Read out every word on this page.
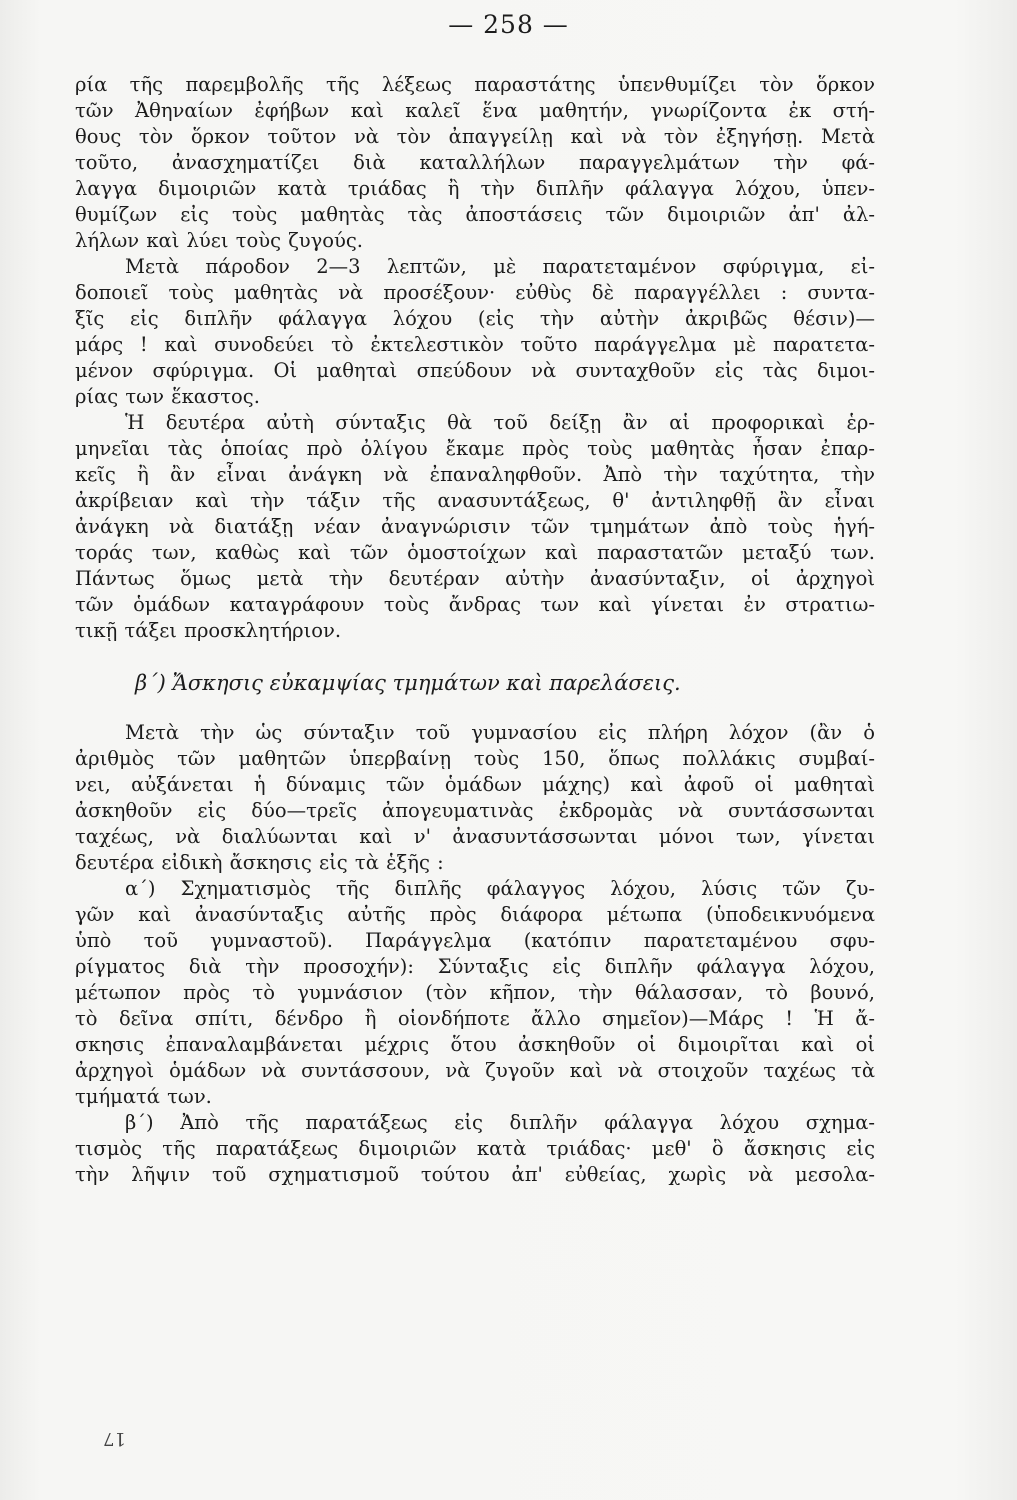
— 258 —
ρία τῆς παρεμβολῆς τῆς λέξεως παραστάτης ὑπενθυμίζει τὸν ὅρκον
τῶν Ἀθηναίων ἐφήβων καὶ καλεῖ ἕνα μαθητήν, γνωρίζοντα ἐκ στή-
θους τὸν ὅρκον τοῦτον νὰ τὸν ἀπαγγείλῃ καὶ νὰ τὸν ἐξηγήσῃ. Μετὰ
τοῦτο, ἀνασχηματίζει διὰ καταλλήλων παραγγελμάτων τὴν φά-
λαγγα διμοιριῶν κατὰ τριάδας ἢ τὴν διπλῆν φάλαγγα λόχου, ὑπεν-
θυμίζων εἰς τοὺς μαθητὰς τὰς ἀποστάσεις τῶν διμοιριῶν ἀπ' ἀλ-
λήλων καὶ λύει τοὺς ζυγούς.
Μετὰ πάροδον 2—3 λεπτῶν, μὲ παρατεταμένον σφύριγμα, εἰ-
δοποιεῖ τοὺς μαθητὰς νὰ προσέξουν· εὐθὺς δὲ παραγγέλλει : συντα-
ξῖς εἰς διπλῆν φάλαγγα λόχου (εἰς τὴν αὐτὴν ἀκριβῶς θέσιν)—
μάρς ! καὶ συνοδεύει τὸ ἐκτελεστικὸν τοῦτο παράγγελμα μὲ παρατετα-
μένον σφύριγμα. Οἱ μαθηταὶ σπεύδουν νὰ συνταχθοῦν εἰς τὰς διμοι-
ρίας των ἕκαστος.
Ἡ δευτέρα αὐτὴ σύνταξις θὰ τοῦ δείξῃ ἂν αἱ προφορικαὶ ἑρ-
μηνεῖαι τὰς ὁποίας πρὸ ὀλίγου ἔκαμε πρὸς τοὺς μαθητὰς ἦσαν ἐπαρ-
κεῖς ἢ ἂν εἶναι ἀνάγκη νὰ ἐπαναληφθοῦν. Ἀπὸ τὴν ταχύτητα, τὴν
ἀκρίβειαν καὶ τὴν τάξιν τῆς ανασυντάξεως, θ' ἀντιληφθῇ ἂν εἶναι
ἀνάγκη νὰ διατάξῃ νέαν ἀναγνώρισιν τῶν τμημάτων ἀπὸ τοὺς ἡγή-
τοράς των, καθὼς καὶ τῶν ὁμοστοίχων καὶ παραστατῶν μεταξύ των.
Πάντως ὅμως μετὰ τὴν δευτέραν αὐτὴν ἀνασύνταξιν, οἱ ἀρχηγοὶ
τῶν ὁμάδων καταγράφουν τοὺς ἄνδρας των καὶ γίνεται ἐν στρατιω-
τικῇ τάξει προσκλητήριον.
β΄) Ἄσκησις εὐκαμψίας τμημάτων καὶ παρελάσεις.
Μετὰ τὴν ὡς σύνταξιν τοῦ γυμνασίου εἰς πλήρη λόχον (ἂν ὁ
ἀριθμὸς τῶν μαθητῶν ὑπερβαίνῃ τοὺς 150, ὅπως πολλάκις συμβαί-
νει, αὐξάνεται ἡ δύναμις τῶν ὁμάδων μάχης) καὶ ἀφοῦ οἱ μαθηταὶ
ἀσκηθοῦν εἰς δύο—τρεῖς ἀπογευματινὰς ἐκδρομὰς νὰ συντάσσωνται
ταχέως, νὰ διαλύωνται καὶ ν' ἀνασυντάσσωνται μόνοι των, γίνεται
δευτέρα εἰδικὴ ἄσκησις εἰς τὰ ἑξῆς :
α΄) Σχηματισμὸς τῆς διπλῆς φάλαγγος λόχου, λύσις τῶν ζυ-
γῶν καὶ ἀνασύνταξις αὐτῆς πρὸς διάφορα μέτωπα (ὑποδεικνυόμενα
ὑπὸ τοῦ γυμναστοῦ). Παράγγελμα (κατόπιν παρατεταμένου σφυ-
ρίγματος διὰ τὴν προσοχήν): Σύνταξις εἰς διπλῆν φάλαγγα λόχου,
μέτωπον πρὸς τὸ γυμνάσιον (τὸν κῆπον, τὴν θάλασσαν, τὸ βουνό,
τὸ δεῖνα σπίτι, δένδρο ἢ οἱονδήποτε ἄλλο σημεῖον)—Μάρς ! Ἡ ἄ-
σκησις ἐπαναλαμβάνεται μέχρις ὅτου ἀσκηθοῦν οἱ διμοιρῖται καὶ οἱ
ἀρχηγοὶ ὁμάδων νὰ συντάσσουν, νὰ ζυγοῦν καὶ νὰ στοιχοῦν ταχέως τὰ
τμήματά των.
β΄) Ἀπὸ τῆς παρατάξεως εἰς διπλῆν φάλαγγα λόχου σχημα-
τισμὸς τῆς παρατάξεως διμοιριῶν κατὰ τριάδας· μεθ' ὃ ἄσκησις εἰς
τὴν λῆψιν τοῦ σχηματισμοῦ τούτου ἀπ' εὐθείας, χωρὶς νὰ μεσολα-
17
